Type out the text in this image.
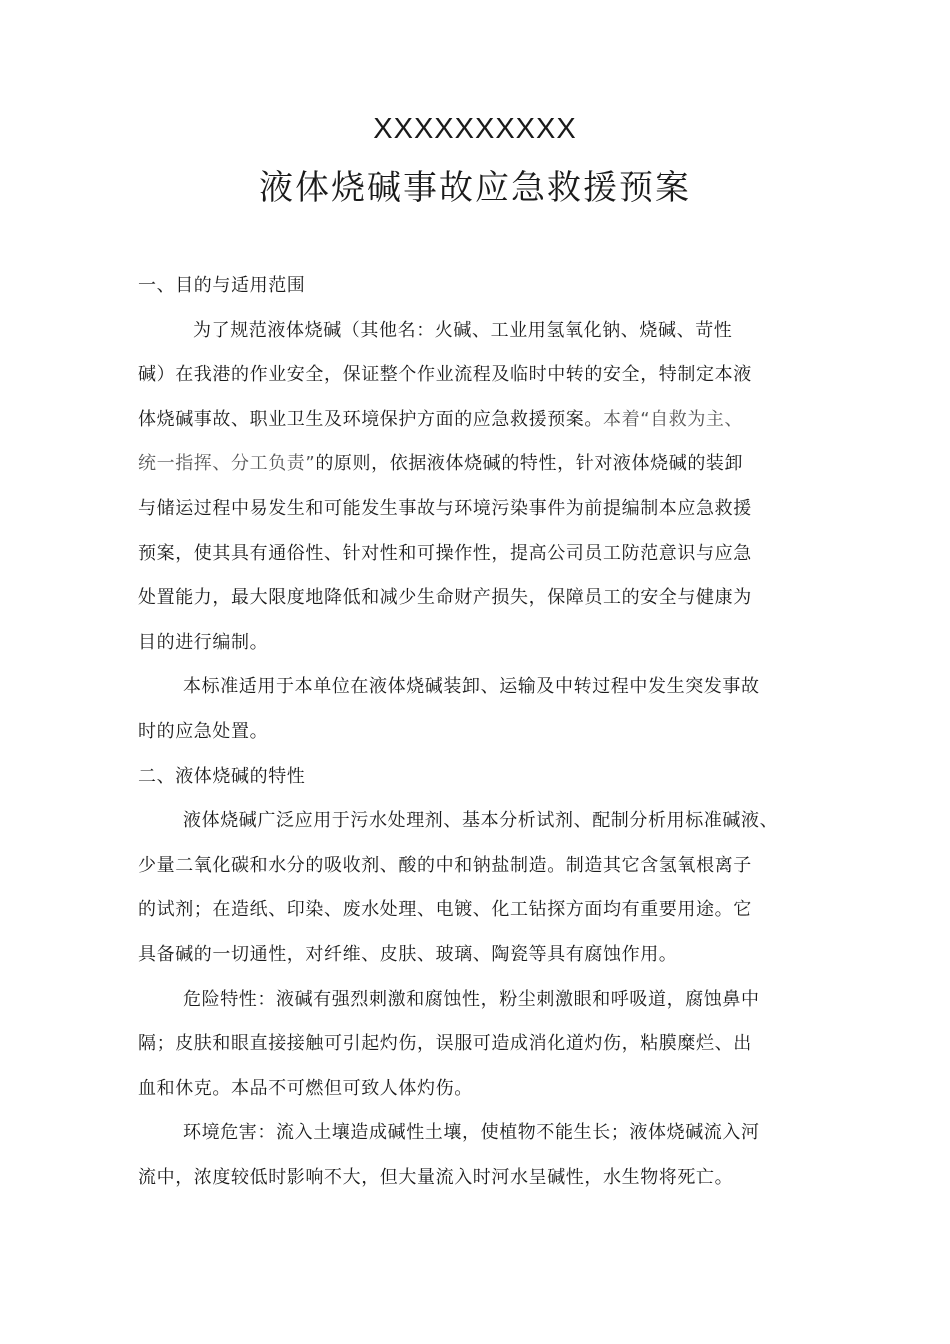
XXXXXXXXXX
液体烧碱事故应急救援预案

一、目的与适用范围

为了规范液体烧碱（其他名：火碱、工业用氢氧化钠、烧碱、苛性

碱）在我港的作业安全，保证整个作业流程及临时中转的安全，特制定本液

体烧碱事故、职业卫生及环境保护方面的应急救援预案。本着“自救为主、

统一指挥、分工负责”的原则，依据液体烧碱的特性，针对液体烧碱的装卸

与储运过程中易发生和可能发生事故与环境污染事件为前提编制本应急救援

预案，使其具有通俗性、针对性和可操作性，提高公司员工防范意识与应急

处置能力，最大限度地降低和减少生命财产损失，保障员工的安全与健康为

目的进行编制。

本标准适用于本单位在液体烧碱装卸、运输及中转过程中发生突发事故

时的应急处置。

二、液体烧碱的特性

液体烧碱广泛应用于污水处理剂、基本分析试剂、配制分析用标准碱液、

少量二氧化碳和水分的吸收剂、酸的中和钠盐制造。制造其它含氢氧根离子

的试剂；在造纸、印染、废水处理、电镀、化工钻探方面均有重要用途。它

具备碱的一切通性，对纤维、皮肤、玻璃、陶瓷等具有腐蚀作用。

危险特性：液碱有强烈刺激和腐蚀性，粉尘刺激眼和呼吸道，腐蚀鼻中

隔；皮肤和眼直接接触可引起灼伤，误服可造成消化道灼伤，粘膜糜烂、出

血和休克。本品不可燃但可致人体灼伤。

环境危害：流入土壤造成碱性土壤，使植物不能生长；液体烧碱流入河

流中，浓度较低时影响不大，但大量流入时河水呈碱性，水生物将死亡。
